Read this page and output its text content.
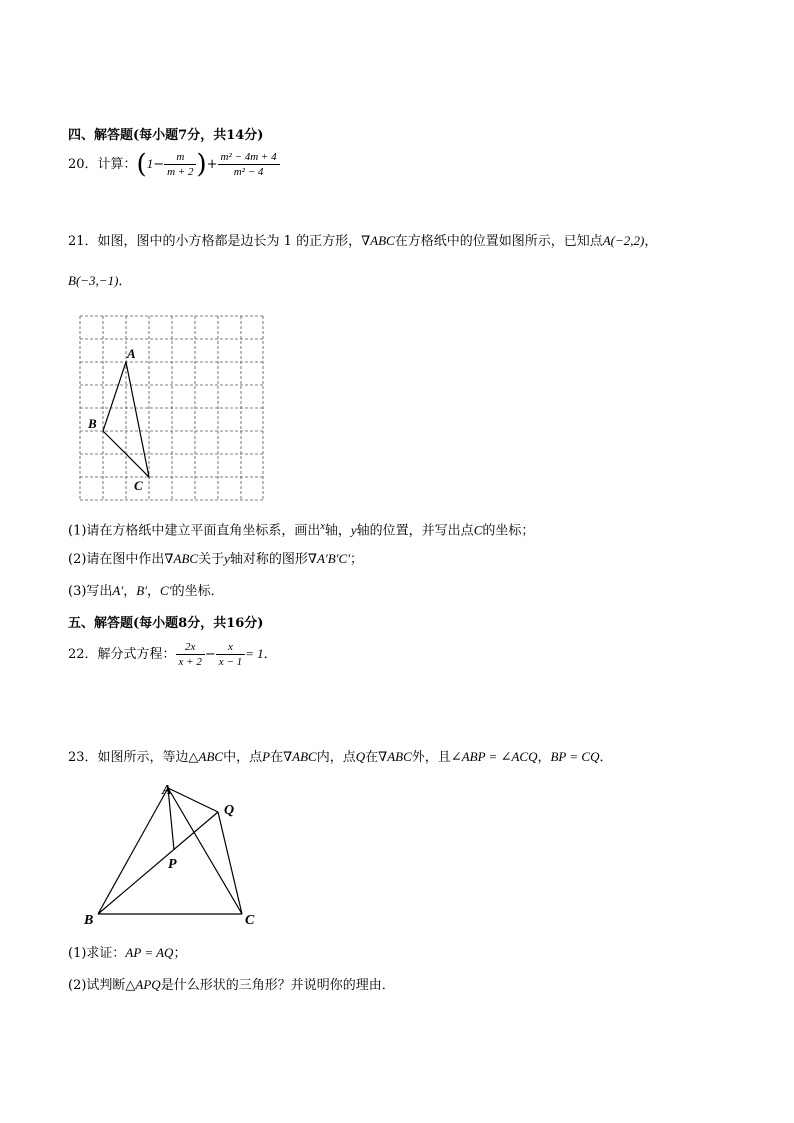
四、解答题(每小题7分，共14分)
20．计算：($1- \frac{m}{m + 2}$ )+ $\frac{\text{m² − 4m + 4}}{\text{m² − 4}}$
21．如图，图中的小方格都是边长为 1 的正方形，∇ABC在方格纸中的位置如图所示，已知点A(−2,2)，
B(−3,−1)．
A
B
C
(1)请在方格纸中建立平面直角坐标系，画出$^x$轴，y轴的位置，并写出点C的坐标；
(2)请在图中作出∇ABC关于y轴对称的图形∇A′B′C′；
(3)写出A′，B′，C′的坐标．
五、解答题(每小题8分，共16分)
22．解分式方程： $\frac{2x}{x + 2} - \frac{x}{x - 1} = 1$．
23．如图所示，等边△ABC中，点P在∇ABC内，点Q在∇ABC外，且∠ABP = ∠ACQ，BP = CQ．
A
B	C
P
Q
(1)求证：AP = AQ；
(2)试判断△APQ是什么形状的三角形？并说明你的理由．
